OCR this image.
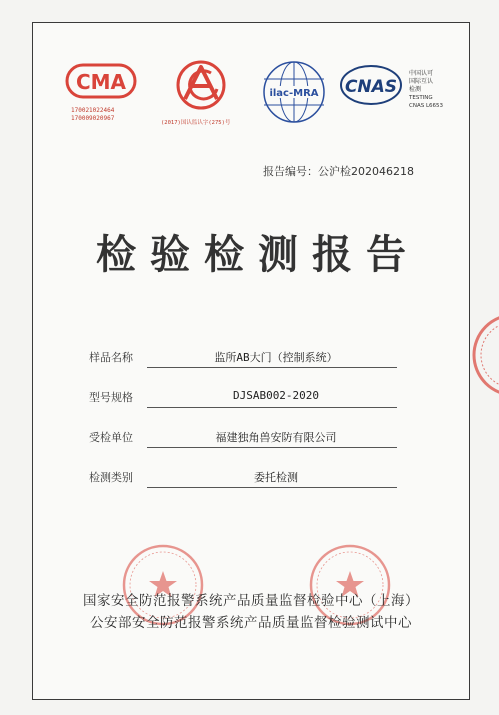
CMA
170021022464
170009020967
(2017)国认监认字(275)号
ilac-MRA CNAS
中国认可
国际互认
检测
TESTING
CNAS L6653
报告编号：公沪检202046218
检验检测报告
样品名称	监所AB大门（控制系统）
型号规格	DJSAB002-2020
受检单位	福建独角兽安防有限公司
检测类别	委托检测
国家安全防范报警系统产品质量监督检验中心（上海）
公安部安全防范报警系统产品质量监督检验测试中心
